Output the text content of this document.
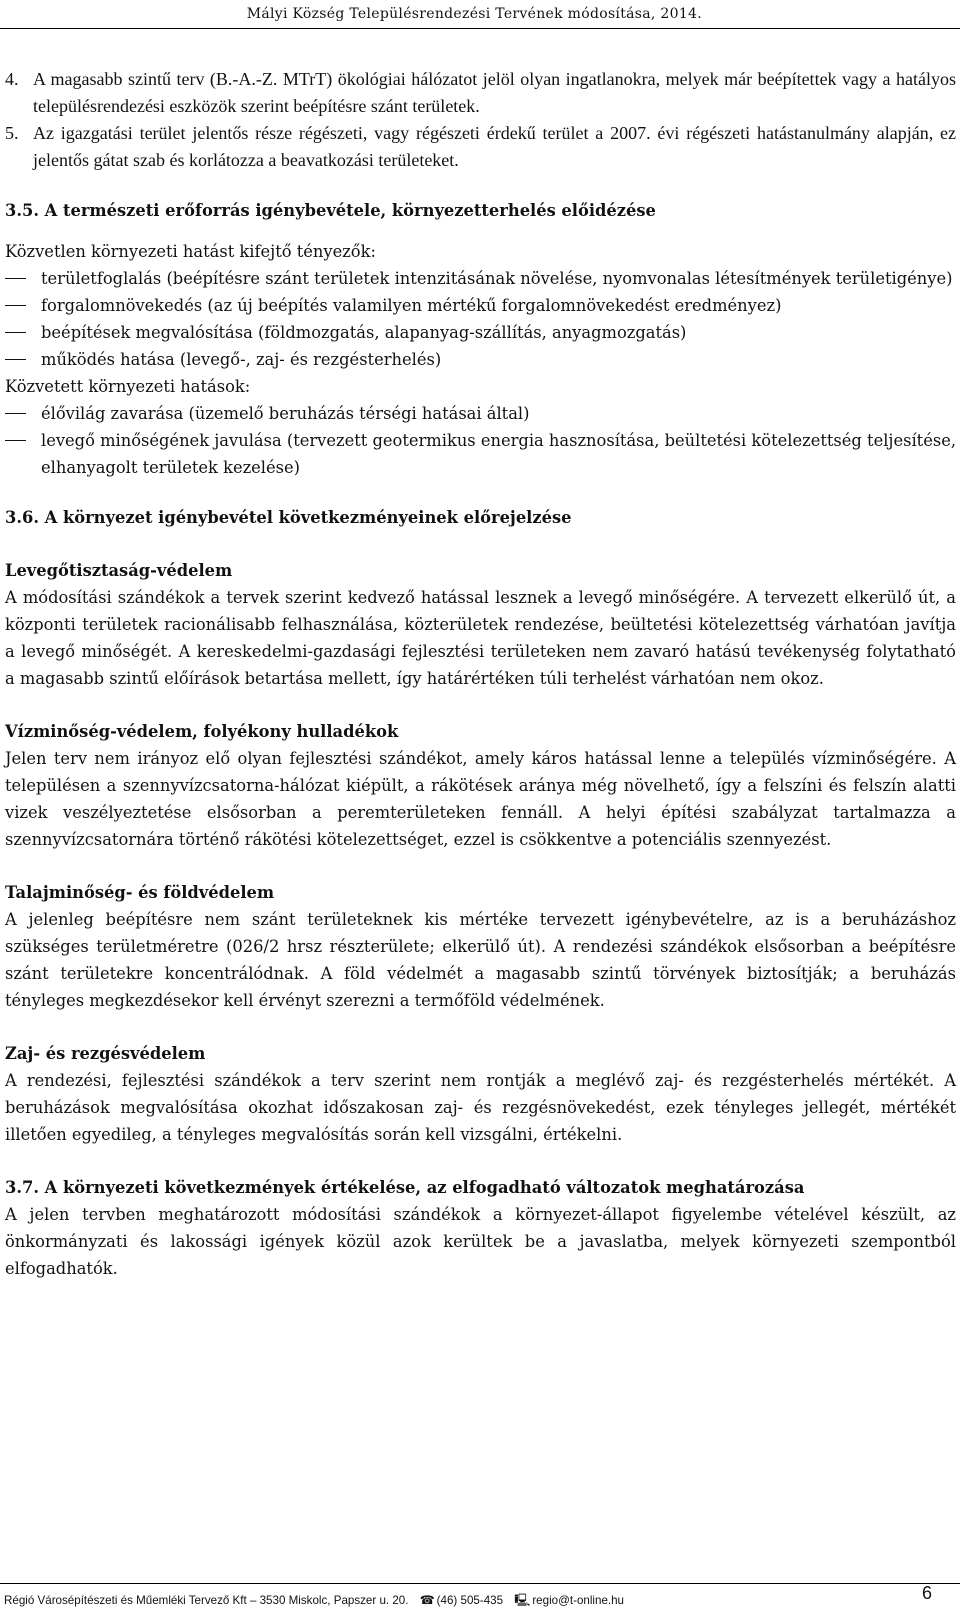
Mályi Község Településrendezési Tervének módosítása, 2014.
4. A magasabb szintű terv (B.-A.-Z. MTrT) ökológiai hálózatot jelöl olyan ingatlanokra, melyek már beépítettek vagy a hatályos településrendezési eszközök szerint beépítésre szánt területek.
5. Az igazgatási terület jelentős része régészeti, vagy régészeti érdekű terület a 2007. évi régészeti hatástanulmány alapján, ez jelentős gátat szab és korlátozza a beavatkozási területeket.
3.5. A természeti erőforrás igénybevétele, környezetterhelés előidézése
Közvetlen környezeti hatást kifejtő tényezők:
területfoglalás (beépítésre szánt területek intenzitásának növelése, nyomvonalas létesítmények területigénye)
forgalomnövekedés (az új beépítés valamilyen mértékű forgalomnövekedést eredményez)
beépítések megvalósítása (földmozgatás, alapanyag-szállítás, anyagmozgatás)
működés hatása (levegő-, zaj- és rezgésterhelés)
Közvetett környezeti hatások:
élővilág zavarása (üzemelő beruházás térségi hatásai által)
levegő minőségének javulása (tervezett geotermikus energia hasznosítása, beültetési kötelezettség teljesítése, elhanyagolt területek kezelése)
3.6. A környezet igénybevétel következményeinek előrejelzése
Levegőtisztaság-védelem
A módosítási szándékok a tervek szerint kedvező hatással lesznek a levegő minőségére. A tervezett elkerülő út, a központi területek racionálisabb felhasználása, közterületek rendezése, beültetési kötelezettség várhatóan javítja a levegő minőségét. A kereskedelmi-gazdasági fejlesztési területeken nem zavaró hatású tevékenység folytatható a magasabb szintű előírások betartása mellett, így határértéken túli terhelést várhatóan nem okoz.
Vízminőség-védelem, folyékony hulladékok
Jelen terv nem irányoz elő olyan fejlesztési szándékot, amely káros hatással lenne a település vízminőségére. A településen a szennyvízcsatorna-hálózat kiépült, a rákötések aránya még növelhető, így a felszíni és felszín alatti vizek veszélyeztetése elsősorban a peremterületeken fennáll. A helyi építési szabályzat tartalmazza a szennyvízcsatornára történő rákötési kötelezettséget, ezzel is csökkentve a potenciális szennyezést.
Talajminőség- és földvédelem
A jelenleg beépítésre nem szánt területeknek kis mértéke tervezett igénybevételre, az is a beruházáshoz szükséges területméretre (026/2 hrsz részterülete; elkerülő út). A rendezési szándékok elsősorban a beépítésre szánt területekre koncentrálódnak. A föld védelmét a magasabb szintű törvények biztosítják; a beruházás tényleges megkezdésekor kell érvényt szerezni a termőföld védelmének.
Zaj- és rezgésvédelem
A rendezési, fejlesztési szándékok a terv szerint nem rontják a meglévő zaj- és rezgésterhelés mértékét. A beruházások megvalósítása okozhat időszakosan zaj- és rezgésnövekedést, ezek tényleges jellegét, mértékét illetően egyedileg, a tényleges megvalósítás során kell vizsgálni, értékelni.
3.7. A környezeti következmények értékelése, az elfogadható változatok meghatározása
A jelen tervben meghatározott módosítási szándékok a környezet-állapot figyelembe vételével készült, az önkormányzati és lakossági igények közül azok kerültek be a javaslatba, melyek környezeti szempontból elfogadhatók.
Régió Városépítészeti és Műemléki Tervező Kft – 3530 Miskolc, Papszer u. 20. ☎ (46) 505-435 🖳 regio@t-online.hu	6
